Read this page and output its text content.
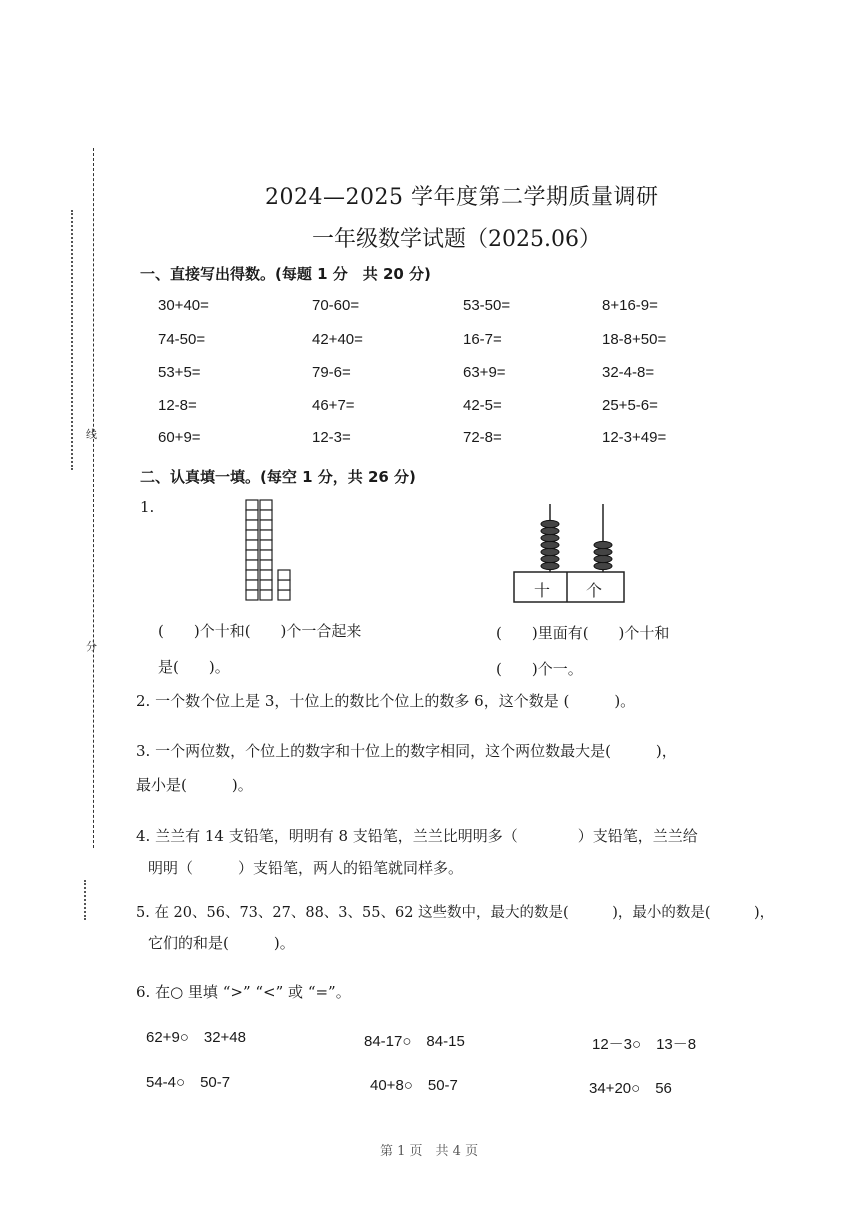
线
分
2024—2025 学年度第二学期质量调研
一年级数学试题（2025.06）
一、直接写出得数。(每题 1 分　共 20 分)
30+40=	70-60=	53-50=	8+16-9=
74-50=	42+40=	16-7=	18-8+50=
53+5=	79-6=	63+9=	32-4-8=
12-8=	46+7=	42-5=	25+5-6=
60+9=	12-3=	72-8=	12-3+49=
二、认真填一填。(每空 1 分，共 26 分)
1.
十 个
(　　)个十和(　　)个一合起来
是(　　)。
(　　)里面有(　　)个十和
(　　)个一。
2. 一个数个位上是 3，十位上的数比个位上的数多 6，这个数是 (　　　)。
3. 一个两位数，个位上的数字和十位上的数字相同，这个两位数最大是(　　　)，
最小是(　　　)。
4. 兰兰有 14 支铅笔，明明有 8 支铅笔，兰兰比明明多（　　　　）支铅笔，兰兰给
明明（　　　）支铅笔，两人的铅笔就同样多。
5. 在 20、56、73、27、88、3、55、62 这些数中，最大的数是(　　　)，最小的数是(　　　)，
它们的和是(　　　)。
6. 在○ 里填 “>” “<” 或 “=”。
62+9○　32+48	84-17○　84-15	12－3○　13－8
54-4○　50-7	40+8○　50-7	34+20○　56
第 1 页　共 4 页
